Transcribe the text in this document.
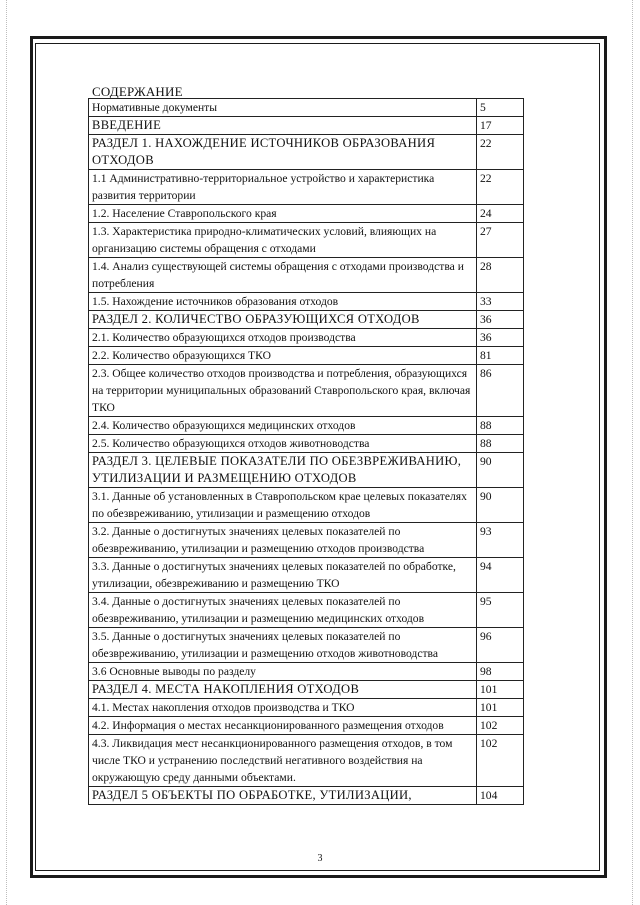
СОДЕРЖАНИЕ
Нормативные документы	5
ВВЕДЕНИЕ	17
РАЗДЕЛ 1. НАХОЖДЕНИЕ ИСТОЧНИКОВ ОБРАЗОВАНИЯ ОТХОДОВ	22
1.1 Административно-территориальное устройство и характеристика развития территории	22
1.2. Население Ставропольского края	24
1.3. Характеристика природно-климатических условий, влияющих на организацию системы обращения с отходами	27
1.4. Анализ существующей системы обращения с отходами производства и потребления	28
1.5. Нахождение источников образования отходов	33
РАЗДЕЛ 2. КОЛИЧЕСТВО ОБРАЗУЮЩИХСЯ ОТХОДОВ	36
2.1. Количество образующихся отходов производства	36
2.2. Количество образующихся ТКО	81
2.3. Общее количество отходов производства и потребления, образующихся на территории муниципальных образований Ставропольского края, включая ТКО	86
2.4. Количество образующихся медицинских отходов	88
2.5. Количество образующихся отходов животноводства	88
РАЗДЕЛ 3. ЦЕЛЕВЫЕ ПОКАЗАТЕЛИ ПО ОБЕЗВРЕЖИВАНИЮ, УТИЛИЗАЦИИ И РАЗМЕЩЕНИЮ ОТХОДОВ	90
3.1. Данные об установленных в Ставропольском крае целевых показателях по обезвреживанию, утилизации и размещению отходов	90
3.2. Данные о достигнутых значениях целевых показателей по обезвреживанию, утилизации и размещению отходов производства	93
3.3. Данные о достигнутых значениях целевых показателей по обработке, утилизации, обезвреживанию и размещению ТКО	94
3.4. Данные о достигнутых значениях целевых показателей по обезвреживанию, утилизации и размещению медицинских отходов	95
3.5. Данные о достигнутых значениях целевых показателей по обезвреживанию, утилизации и размещению отходов животноводства	96
3.6 Основные выводы по разделу	98
РАЗДЕЛ 4. МЕСТА НАКОПЛЕНИЯ ОТХОДОВ	101
4.1. Местах накопления отходов производства и ТКО	101
4.2. Информация о местах несанкционированного размещения отходов	102
4.3. Ликвидация мест несанкционированного размещения отходов, в том числе ТКО и устранению последствий негативного воздействия на окружающую среду данными объектами.	102
РАЗДЕЛ 5 ОБЪЕКТЫ ПО ОБРАБОТКЕ, УТИЛИЗАЦИИ,	104
3
